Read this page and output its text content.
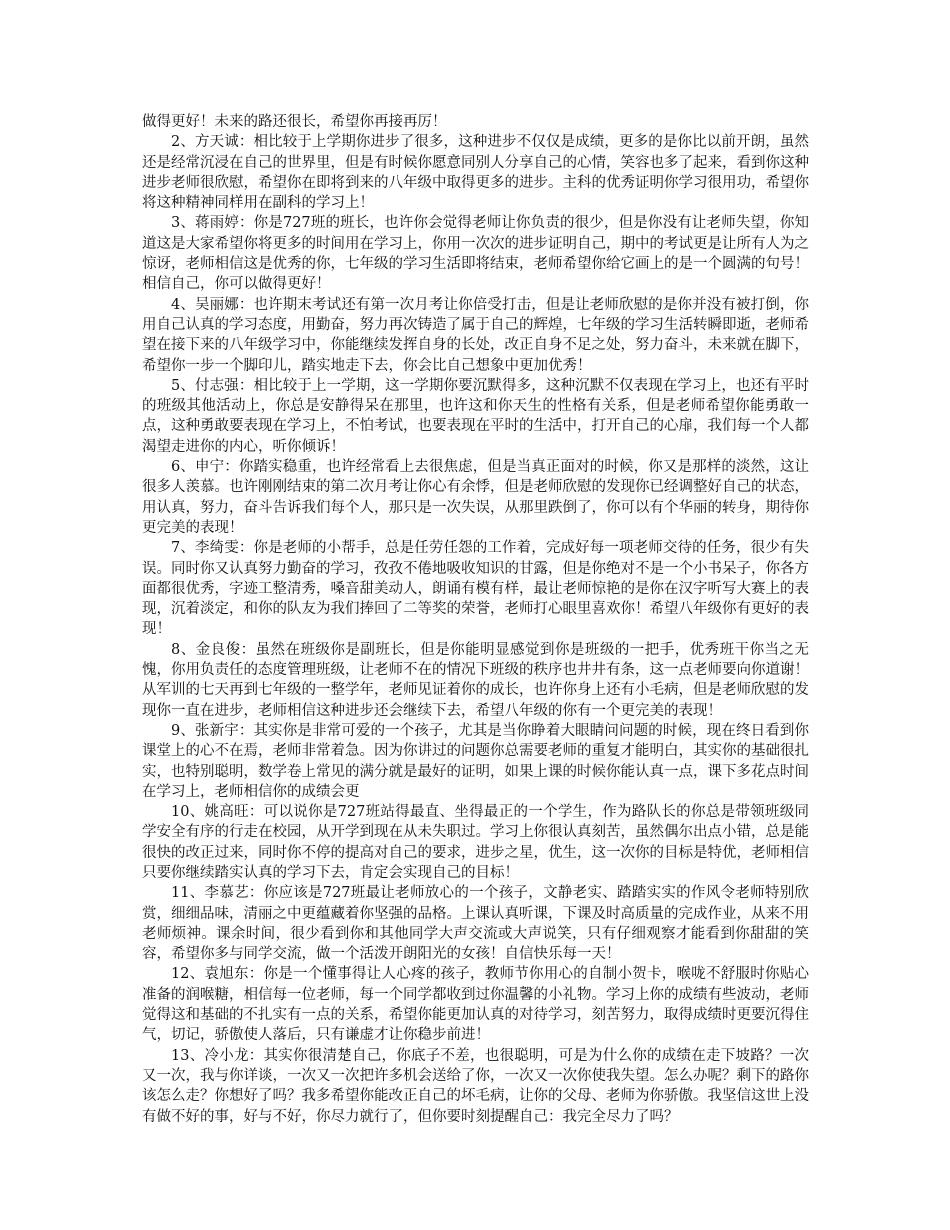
做得更好！未来的路还很长，希望你再接再厉！

2、方天诚：相比较于上学期你进步了很多，这种进步不仅仅是成绩，更多的是你比以前开朗，虽然还是经常沉浸在自己的世界里，但是有时候你愿意同别人分享自己的心情，笑容也多了起来，看到你这种进步老师很欣慰，希望你在即将到来的八年级中取得更多的进步。主科的优秀证明你学习很用功，希望你将这种精神同样用在副科的学习上！

3、蒋雨婷：你是727班的班长，也许你会觉得老师让你负责的很少，但是你没有让老师失望，你知道这是大家希望你将更多的时间用在学习上，你用一次次的进步证明自己，期中的考试更是让所有人为之惊讶，老师相信这是优秀的你，七年级的学习生活即将结束，老师希望你给它画上的是一个圆满的句号！相信自己，你可以做得更好！

4、吴丽娜：也许期末考试还有第一次月考让你倍受打击，但是让老师欣慰的是你并没有被打倒，你用自己认真的学习态度，用勤奋，努力再次铸造了属于自己的辉煌，七年级的学习生活转瞬即逝，老师希望在接下来的八年级学习中，你能继续发挥自身的长处，改正自身不足之处，努力奋斗，未来就在脚下，希望你一步一个脚印儿，踏实地走下去，你会比自己想象中更加优秀！

5、付志强：相比较于上一学期，这一学期你要沉默得多，这种沉默不仅表现在学习上，也还有平时的班级其他活动上，你总是安静得呆在那里，也许这和你天生的性格有关系，但是老师希望你能勇敢一点，这种勇敢要表现在学习上，不怕考试，也要表现在平时的生活中，打开自己的心扉，我们每一个人都渴望走进你的内心，听你倾诉！

6、申宁：你踏实稳重，也许经常看上去很焦虑，但是当真正面对的时候，你又是那样的淡然，这让很多人羡慕。也许刚刚结束的第二次月考让你心有余悸，但是老师欣慰的发现你已经调整好自己的状态，用认真，努力，奋斗告诉我们每个人，那只是一次失误，从那里跌倒了，你可以有个华丽的转身，期待你更完美的表现！

7、李绮雯：你是老师的小帮手，总是任劳任怨的工作着，完成好每一项老师交待的任务，很少有失误。同时你又认真努力勤奋的学习，孜孜不倦地吸收知识的甘露，但是你绝对不是一个小书呆子，你各方面都很优秀，字迹工整清秀，嗓音甜美动人，朗诵有模有样，最让老师惊艳的是你在汉字听写大赛上的表现，沉着淡定，和你的队友为我们捧回了二等奖的荣誉，老师打心眼里喜欢你！希望八年级你有更好的表现！

8、金良俊：虽然在班级你是副班长，但是你能明显感觉到你是班级的一把手，优秀班干你当之无愧，你用负责任的态度管理班级，让老师不在的情况下班级的秩序也井井有条，这一点老师要向你道谢！从军训的七天再到七年级的一整学年，老师见证着你的成长，也许你身上还有小毛病，但是老师欣慰的发现你一直在进步，老师相信这种进步还会继续下去，希望八年级的你有一个更完美的表现！

9、张新宇：其实你是非常可爱的一个孩子，尤其是当你睁着大眼睛问问题的时候，现在终日看到你课堂上的心不在焉，老师非常着急。因为你讲过的问题你总需要老师的重复才能明白，其实你的基础很扎实，也特别聪明，数学卷上常见的满分就是最好的证明，如果上课的时候你能认真一点，课下多花点时间在学习上，老师相信你的成绩会更

10、姚高旺：可以说你是727班站得最直、坐得最正的一个学生，作为路队长的你总是带领班级同学安全有序的行走在校园，从开学到现在从未失职过。学习上你很认真刻苦，虽然偶尔出点小错，总是能很快的改正过来，同时你不停的提高对自己的要求，进步之星，优生，这一次你的目标是特优，老师相信只要你继续踏实认真的学习下去，肯定会实现自己的目标！

11、李慕艺：你应该是727班最让老师放心的一个孩子，文静老实、踏踏实实的作风令老师特别欣赏，细细品味，清丽之中更蕴藏着你坚强的品格。上课认真听课，下课及时高质量的完成作业，从来不用老师烦神。课余时间，很少看到你和其他同学大声交流或大声说笑，只有仔细观察才能看到你甜甜的笑容，希望你多与同学交流，做一个活泼开朗阳光的女孩！自信快乐每一天！

12、袁旭东：你是一个懂事得让人心疼的孩子，教师节你用心的自制小贺卡，喉咙不舒服时你贴心准备的润喉糖，相信每一位老师，每一个同学都收到过你温馨的小礼物。学习上你的成绩有些波动，老师觉得这和基础的不扎实有一点的关系，希望你能更加认真的对待学习，刻苦努力，取得成绩时更要沉得住气，切记，骄傲使人落后，只有谦虚才让你稳步前进！

13、冷小龙：其实你很清楚自己，你底子不差，也很聪明，可是为什么你的成绩在走下坡路？一次又一次，我与你详谈，一次又一次把许多机会送给了你，一次又一次你使我失望。怎么办呢？剩下的路你该怎么走？你想好了吗？我多希望你能改正自己的坏毛病，让你的父母、老师为你骄傲。我坚信这世上没有做不好的事，好与不好，你尽力就行了，但你要时刻提醒自己：我完全尽力了吗？
